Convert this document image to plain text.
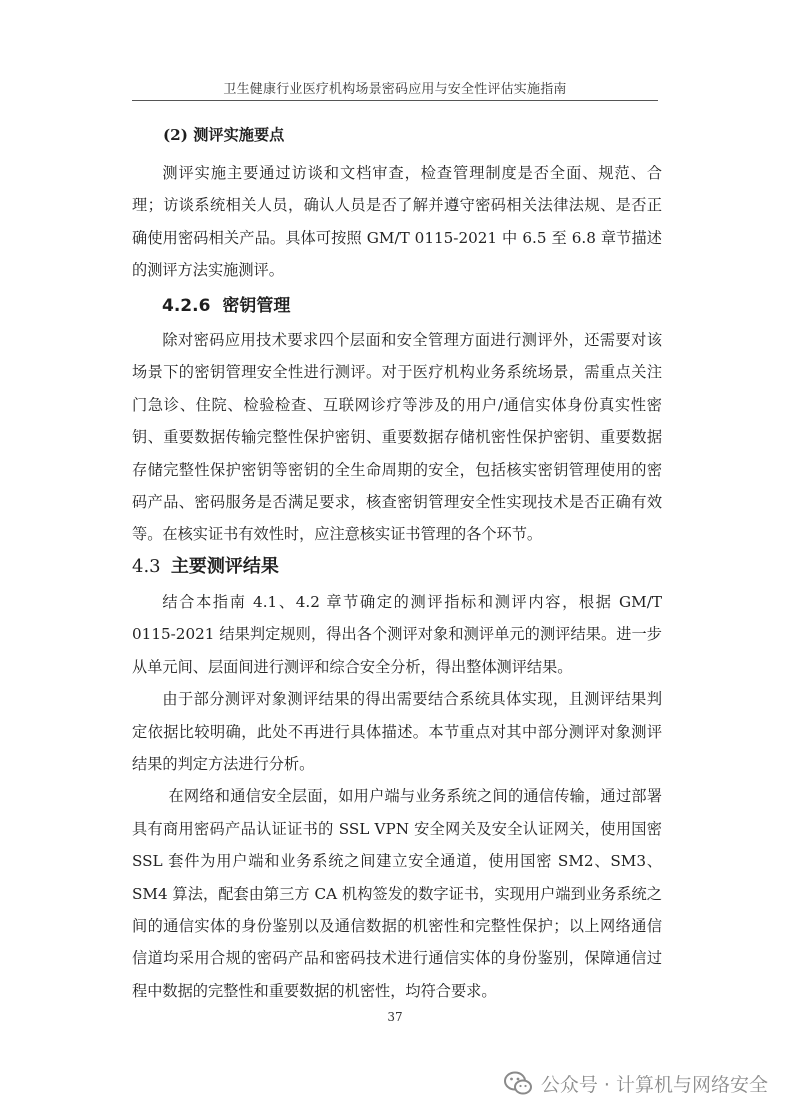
卫生健康行业医疗机构场景密码应用与安全性评估实施指南
(2) 测评实施要点

测评实施主要通过访谈和文档审查，检查管理制度是否全面、规范、合理；访谈系统相关人员，确认人员是否了解并遵守密码相关法律法规、是否正确使用密码相关产品。具体可按照 GM/T 0115-2021 中 6.5 至 6.8 章节描述的测评方法实施测评。

4.2.6 密钥管理

除对密码应用技术要求四个层面和安全管理方面进行测评外，还需要对该场景下的密钥管理安全性进行测评。对于医疗机构业务系统场景，需重点关注门急诊、住院、检验检查、互联网诊疗等涉及的用户/通信实体身份真实性密钥、重要数据传输完整性保护密钥、重要数据存储机密性保护密钥、重要数据存储完整性保护密钥等密钥的全生命周期的安全，包括核实密钥管理使用的密码产品、密码服务是否满足要求，核查密钥管理安全性实现技术是否正确有效等。在核实证书有效性时，应注意核实证书管理的各个环节。

4.3 主要测评结果

结合本指南 4.1、4.2 章节确定的测评指标和测评内容，根据 GM/T 0115-2021 结果判定规则，得出各个测评对象和测评单元的测评结果。进一步从单元间、层面间进行测评和综合安全分析，得出整体测评结果。

由于部分测评对象测评结果的得出需要结合系统具体实现，且测评结果判定依据比较明确，此处不再进行具体描述。本节重点对其中部分测评对象测评结果的判定方法进行分析。

在网络和通信安全层面，如用户端与业务系统之间的通信传输，通过部署具有商用密码产品认证证书的 SSL VPN 安全网关及安全认证网关，使用国密 SSL 套件为用户端和业务系统之间建立安全通道，使用国密 SM2、SM3、SM4 算法，配套由第三方 CA 机构签发的数字证书，实现用户端到业务系统之间的通信实体的身份鉴别以及通信数据的机密性和完整性保护；以上网络通信信道均采用合规的密码产品和密码技术进行通信实体的身份鉴别，保障通信过程中数据的完整性和重要数据的机密性，均符合要求。

37
公众号 · 计算机与网络安全
